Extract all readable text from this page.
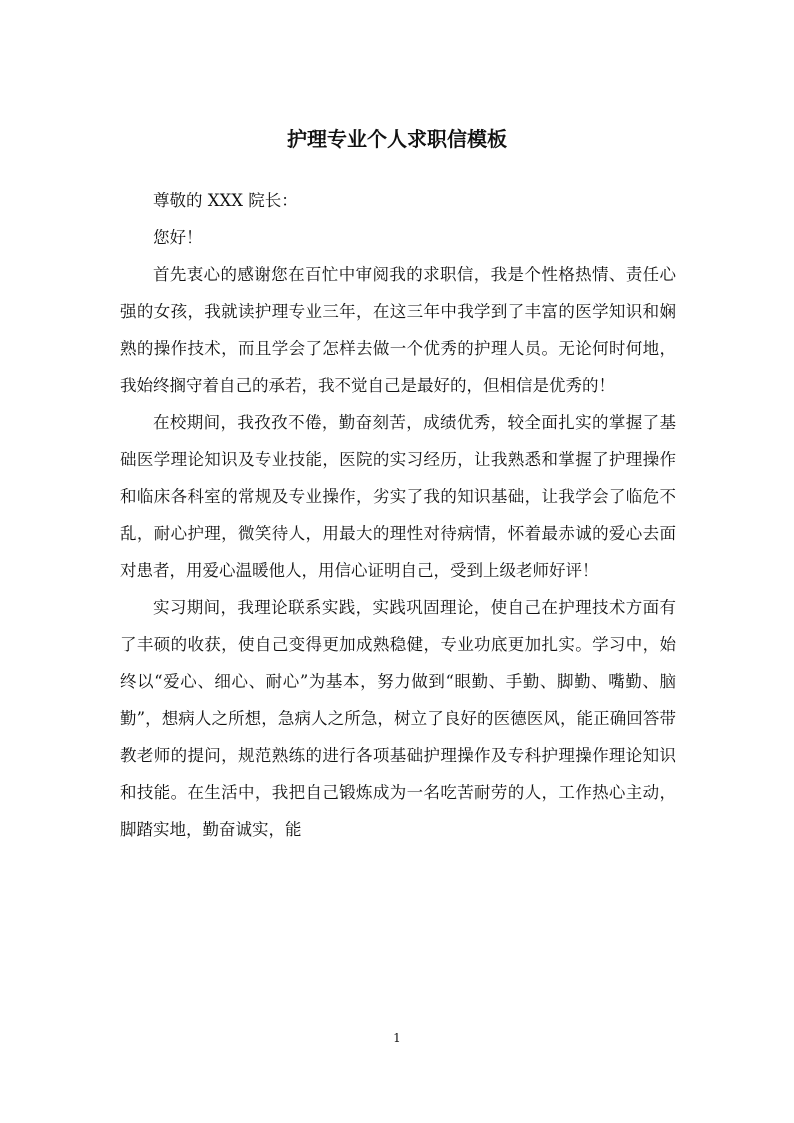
护理专业个人求职信模板

尊敬的 XXX 院长：

您好！

首先衷心的感谢您在百忙中审阅我的求职信，我是个性格热情、责任心强的女孩，我就读护理专业三年，在这三年中我学到了丰富的医学知识和娴熟的操作技术，而且学会了怎样去做一个优秀的护理人员。无论何时何地，我始终搁守着自己的承若，我不觉自己是最好的，但相信是优秀的！

在校期间，我孜孜不倦，勤奋刻苦，成绩优秀，较全面扎实的掌握了基础医学理论知识及专业技能，医院的实习经历，让我熟悉和掌握了护理操作和临床各科室的常规及专业操作，劣实了我的知识基础，让我学会了临危不乱，耐心护理，微笑待人，用最大的理性对待病情，怀着最赤诚的爱心去面对患者，用爱心温暖他人，用信心证明自己，受到上级老师好评！

实习期间，我理论联系实践，实践巩固理论，使自己在护理技术方面有了丰硕的收获，使自己变得更加成熟稳健，专业功底更加扎实。学习中，始终以“爱心、细心、耐心”为基本，努力做到“眼勤、手勤、脚勤、嘴勤、脑勤”，想病人之所想，急病人之所急，树立了良好的医德医风，能正确回答带教老师的提问，规范熟练的进行各项基础护理操作及专科护理操作理论知识和技能。在生活中，我把自己锻炼成为一名吃苦耐劳的人，工作热心主动，脚踏实地，勤奋诚实，能

1
